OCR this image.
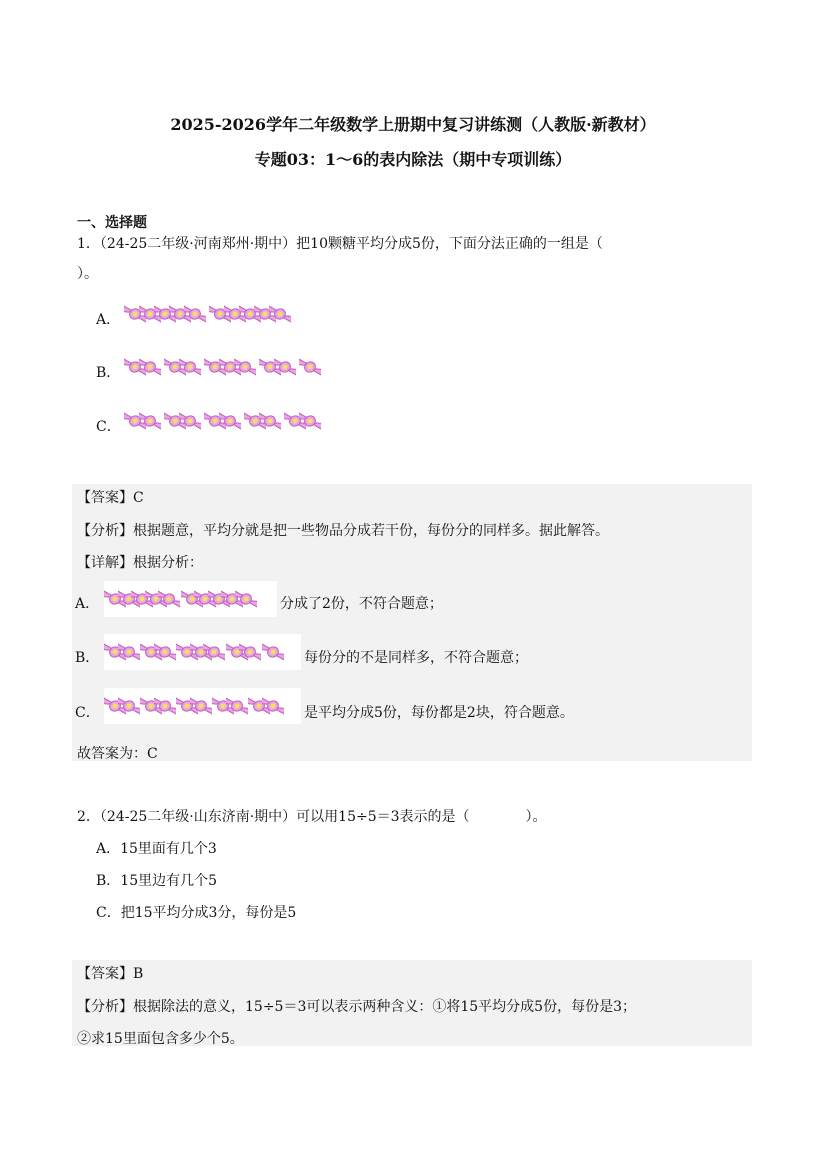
2025-2026学年二年级数学上册期中复习讲练测（人教版·新教材）
专题03：1～6的表内除法（期中专项训练）
一、选择题
1．（24-25二年级·河南郑州·期中）把10颗糖平均分成5份，下面分法正确的一组是（
）。
A．
B．
C．
【答案】C
【分析】根据题意，平均分就是把一些物品分成若干份，每份分的同样多。据此解答。
【详解】根据分析：
A．	分成了2份，不符合题意；
B．	每份分的不是同样多，不符合题意；
C．	是平均分成5份，每份都是2块，符合题意。
故答案为：C
2．（24-25二年级·山东济南·期中）可以用15÷5＝3表示的是（　　　　）。
A．15里面有几个3
B．15里边有几个5
C．把15平均分成3分，每份是5
【答案】B
【分析】根据除法的意义，15÷5＝3可以表示两种含义：①将15平均分成5份，每份是3；
②求15里面包含多少个5。
